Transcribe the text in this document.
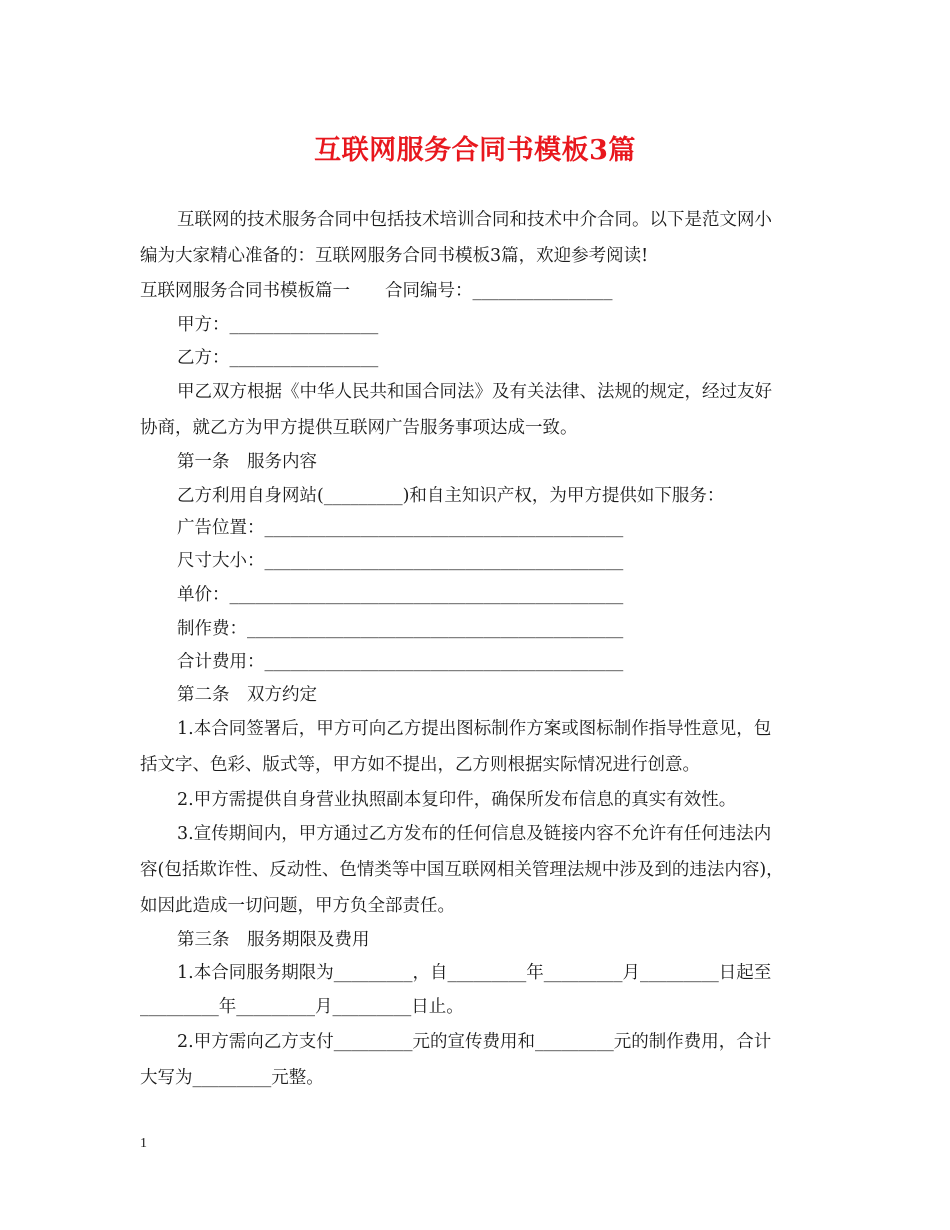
互联网服务合同书模板3篇
互联网的技术服务合同中包括技术培训合同和技术中介合同。以下是范文网小
编为大家精心准备的：互联网服务合同书模板3篇，欢迎参考阅读!
互联网服务合同书模板篇一　　合同编号：________________
甲方：_________________
乙方：_________________
甲乙双方根据《中华人民共和国合同法》及有关法律、法规的规定，经过友好
协商，就乙方为甲方提供互联网广告服务事项达成一致。
第一条　服务内容
乙方利用自身网站(_________)和自主知识产权，为甲方提供如下服务：
广告位置：_________________________________________
尺寸大小：_________________________________________
单价：_____________________________________________
制作费：___________________________________________
合计费用：_________________________________________
第二条　双方约定
1.本合同签署后，甲方可向乙方提出图标制作方案或图标制作指导性意见，包
括文字、色彩、版式等，甲方如不提出，乙方则根据实际情况进行创意。
2.甲方需提供自身营业执照副本复印件，确保所发布信息的真实有效性。
3.宣传期间内，甲方通过乙方发布的任何信息及链接内容不允许有任何违法内
容(包括欺诈性、反动性、色情类等中国互联网相关管理法规中涉及到的违法内容)，
如因此造成一切问题，甲方负全部责任。
第三条　服务期限及费用
1.本合同服务期限为_________，自_________年_________月_________日起至
_________年_________月_________日止。
2.甲方需向乙方支付_________元的宣传费用和_________元的制作费用，合计
大写为_________元整。
1
